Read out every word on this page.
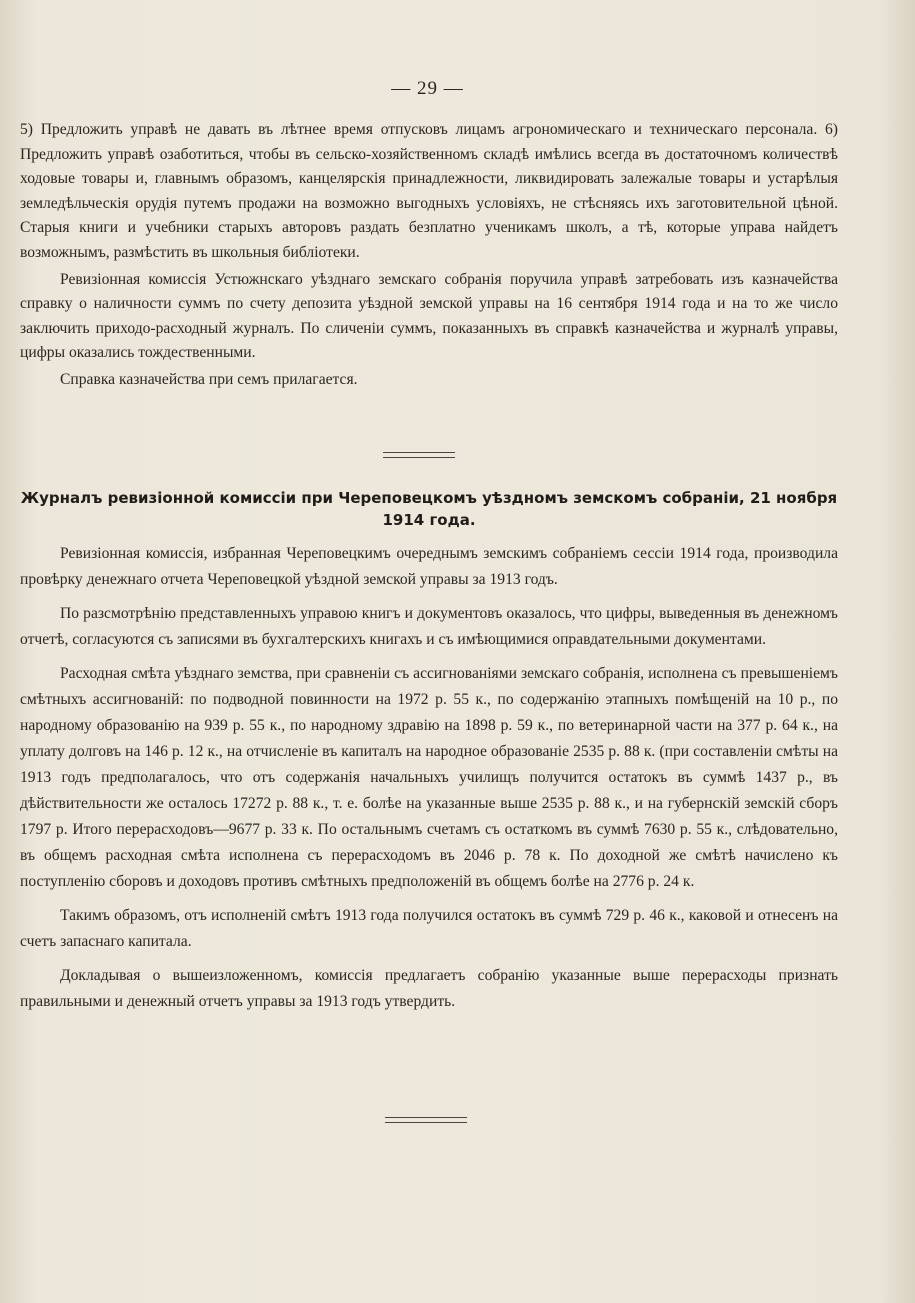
— 29 —

5) Предложить управѣ не давать въ лѣтнее время отпусковъ лицамъ агрономическаго и техническаго персонала. 6) Предложить управѣ озаботиться, чтобы въ сельско-хозяйственномъ складѣ имѣлись всегда въ достаточномъ количествѣ ходовые товары и, главнымъ образомъ, канцелярскія принадлежности, ликвидировать залежалые товары и устарѣлыя земледѣльческія орудія путемъ продажи на возможно выгодныхъ условіяхъ, не стѣсняясь ихъ заготовительной цѣной. Старыя книги и учебники старыхъ авторовъ раздать безплатно ученикамъ школъ, а тѣ, которые управа найдетъ возможнымъ, размѣстить въ школьныя библіотеки.

Ревизіонная комиссія Устюжнскаго уѣзднаго земскаго собранія поручила управѣ затребовать изъ казначейства справку о наличности суммъ по счету депозита уѣздной земской управы на 16 сентября 1914 года и на то же число заключить приходо-расходный журналъ. По сличеніи суммъ, показанныхъ въ справкѣ казначейства и журналѣ управы, цифры оказались тождественными.

Справка казначейства при семъ прилагается.

Журналъ ревизіонной комиссіи при Череповецкомъ уѣздномъ земскомъ собраніи, 21 ноября 1914 года.

Ревизіонная комиссія, избранная Череповецкимъ очереднымъ земскимъ собраніемъ сессіи 1914 года, производила провѣрку денежнаго отчета Череповецкой уѣздной земской управы за 1913 годъ.

По разсмотрѣнію представленныхъ управою книгъ и документовъ оказалось, что цифры, выведенныя въ денежномъ отчетѣ, согласуются съ записями въ бухгалтерскихъ книгахъ и съ имѣющимися оправдательными документами.

Расходная смѣта уѣзднаго земства, при сравненіи съ ассигнованіями земскаго собранія, исполнена съ превышеніемъ смѣтныхъ ассигнованій: по подводной повинности на 1972 р. 55 к., по содержанію этапныхъ помѣщеній на 10 р., по народному образованію на 939 р. 55 к., по народному здравію на 1898 р. 59 к., по ветеринарной части на 377 р. 64 к., на уплату долговъ на 146 р. 12 к., на отчисленіе въ капиталъ на народное образованіе 2535 р. 88 к. (при составленіи смѣты на 1913 годъ предполагалось, что отъ содержанія начальныхъ училищъ получится остатокъ въ суммѣ 1437 р., въ дѣйствительности же осталось 17272 р. 88 к., т. е. болѣе на указанные выше 2535 р. 88 к., и на губернскій земскій сборъ 1797 р. Итого перерасходовъ—9677 р. 33 к. По остальнымъ счетамъ съ остаткомъ въ суммѣ 7630 р. 55 к., слѣдовательно, въ общемъ расходная смѣта исполнена съ перерасходомъ въ 2046 р. 78 к. По доходной же смѣтѣ начислено къ поступленію сборовъ и доходовъ противъ смѣтныхъ предположеній въ общемъ болѣе на 2776 р. 24 к.

Такимъ образомъ, отъ исполненій смѣтъ 1913 года получился остатокъ въ суммѣ 729 р. 46 к., каковой и отнесенъ на счетъ запаснаго капитала.

Докладывая о вышеизложенномъ, комиссія предлагаетъ собранію указанные выше перерасходы признать правильными и денежный отчетъ управы за 1913 годъ утвердить.
